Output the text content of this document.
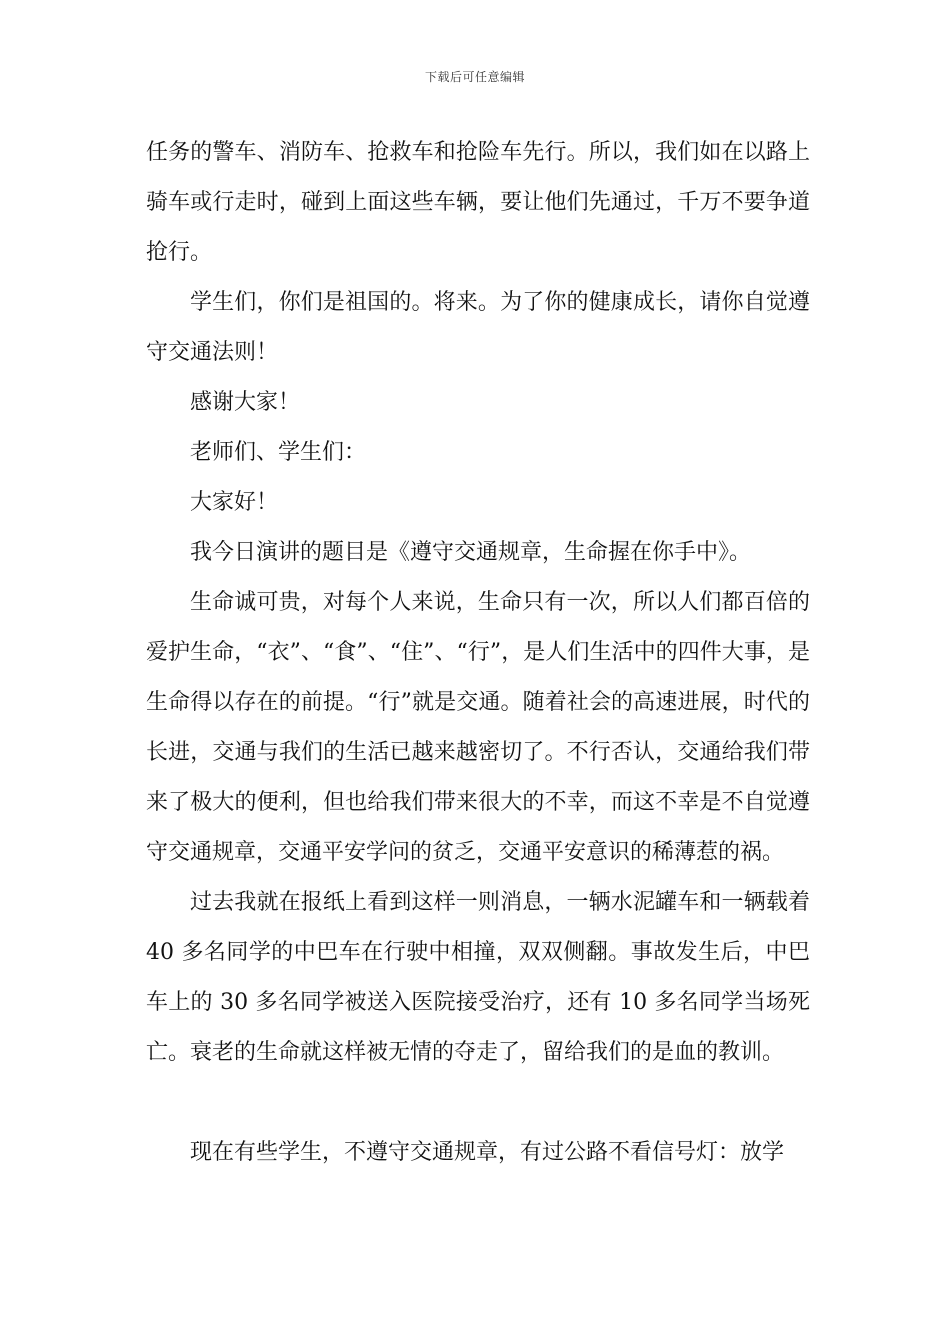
下载后可任意编辑

任务的警车、消防车、抢救车和抢险车先行。所以，我们如在以路上骑车或行走时，碰到上面这些车辆，要让他们先通过，千万不要争道抢行。

学生们，你们是祖国的。将来。为了你的健康成长，请你自觉遵守交通法则！

感谢大家！

老师们、学生们：

大家好！

我今日演讲的题目是《遵守交通规章，生命握在你手中》。

生命诚可贵，对每个人来说，生命只有一次，所以人们都百倍的爱护生命，“衣”、“食”、“住”、“行”，是人们生活中的四件大事，是生命得以存在的前提。“行”就是交通。随着社会的高速进展，时代的长进，交通与我们的生活已越来越密切了。不行否认，交通给我们带来了极大的便利，但也给我们带来很大的不幸，而这不幸是不自觉遵守交通规章，交通平安学问的贫乏，交通平安意识的稀薄惹的祸。

过去我就在报纸上看到这样一则消息，一辆水泥罐车和一辆载着 40 多名同学的中巴车在行驶中相撞，双双侧翻。事故发生后，中巴车上的 30 多名同学被送入医院接受治疗，还有 10 多名同学当场死亡。衰老的生命就这样被无情的夺走了，留给我们的是血的教训。

现在有些学生，不遵守交通规章，有过公路不看信号灯：放学
